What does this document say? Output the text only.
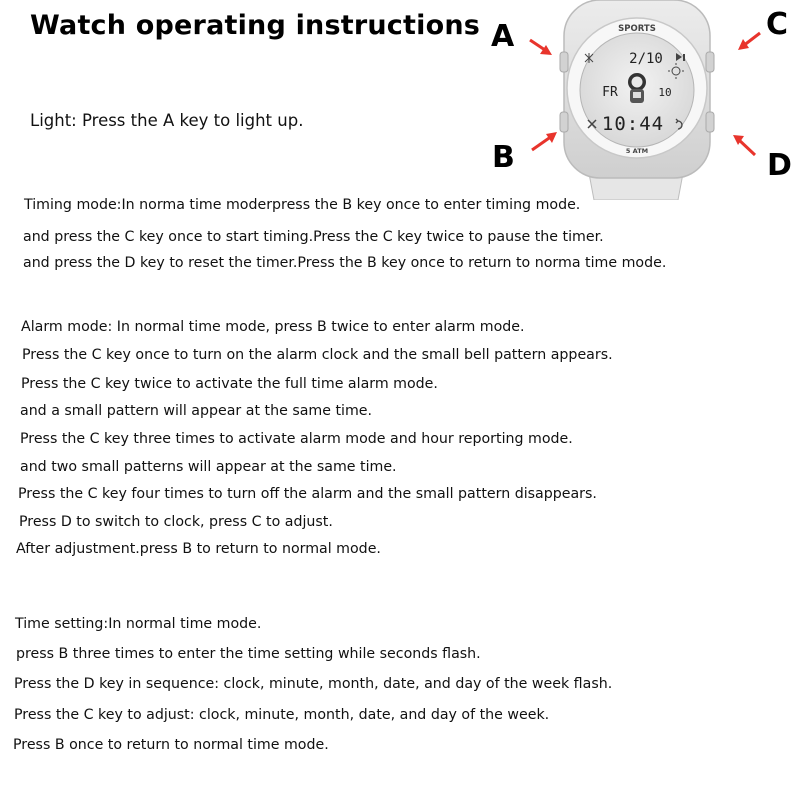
Watch operating instructions
Light: Press the A key to light up.
Timing mode:In norma time moderpress the B key once to enter timing mode.
and press the C key once to start timing.Press the C key twice to pause the timer.
and press the D key to reset the timer.Press the B key once to return to norma time mode.
Alarm mode: In normal time mode, press B twice to enter alarm mode.
Press the C key once to turn on the alarm clock and the small bell pattern appears.
Press the C key twice to activate the full time alarm mode.
and a small pattern will appear at the same time.
Press the C key three times to activate alarm mode and hour reporting mode.
and two small patterns will appear at the same time.
Press the C key four times to turn off the alarm and the small pattern disappears.
Press D to switch to clock, press C to adjust.
After adjustment.press B to return to normal mode.
Time setting:In normal time mode.
press B three times to enter the time setting while seconds flash.
Press the D key in sequence: clock, minute, month, date, and day of the week flash.
Press the C key to adjust: clock, minute, month, date, and day of the week.
Press B once to return to normal time mode.
SPORTS
2/10
FR	10
10:44
5 ATM
A	C
B	D
